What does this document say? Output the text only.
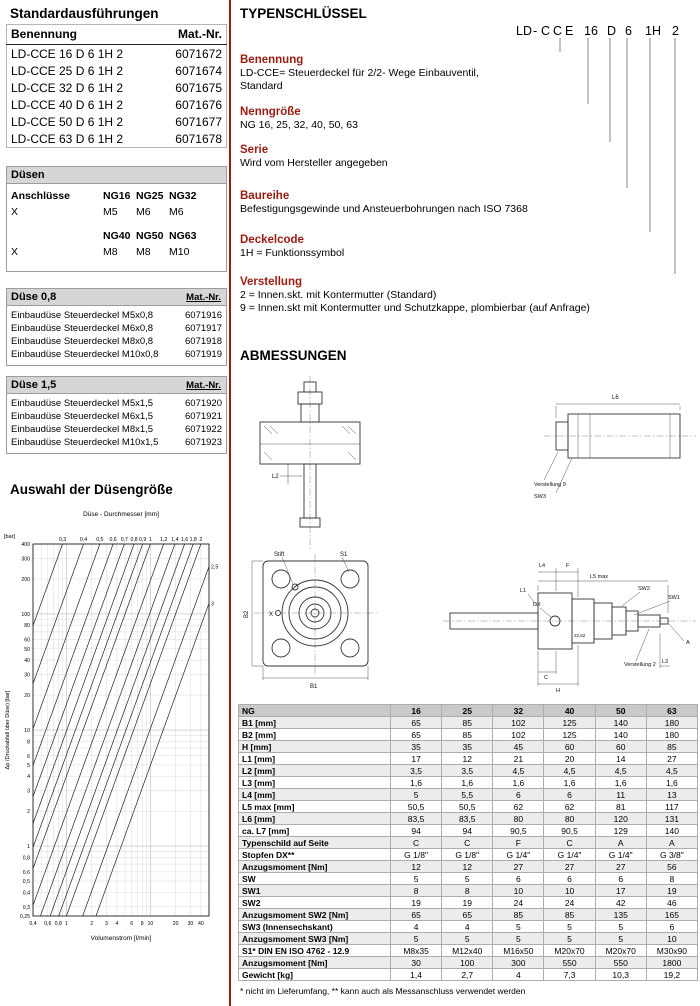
Standardausführungen
Benennung	Mat.-Nr.
LD-CCE 16 D 6 1H 2	6071672
LD-CCE 25 D 6 1H 2	6071674
LD-CCE 32 D 6 1H 2	6071675
LD-CCE 40 D 6 1H 2	6071676
LD-CCE 50 D 6 1H 2	6071677
LD-CCE 63 D 6 1H 2	6071678
Düsen
Anschlüsse	NG16 NG25 NG32
X	M5 M6 M6
NG40 NG50 NG63
X	M8 M8 M10
Düse 0,8	Mat.-Nr.
Einbaudüse Steuerdeckel M5x0,8	6071916
Einbaudüse Steuerdeckel M6x0,8	6071917
Einbaudüse Steuerdeckel M8x0,8	6071918
Einbaudüse Steuerdeckel M10x0,8	6071919
Düse 1,5	Mat.-Nr.
Einbaudüse Steuerdeckel M5x1,5	6071920
Einbaudüse Steuerdeckel M6x1,5	6071921
Einbaudüse Steuerdeckel M8x1,5	6071922
Einbaudüse Steuerdeckel M10x1,5	6071923
Auswahl der Düsengröße
0,3	0,4 0,5 0,6 0,7 0,8 0,9 1 1,2 1,4 1,6 1,8 2
2,5
3
400
300
200
100
80
60
50
40
30
20
10
8
6
5
4
3
2
1
0,8
0,6
0,5
0,4
0,3
0,25
0,4 0,6 0,8 1	2 3 4 6 8 10	20 30 40
Düse - Durchmesser [mm]
[bar]
Volumenstrom [l/min]
Δp (Druckabfall über Düse) [bar]
TYPENSCHLÜSSEL
LD - C C E 16 D 6 1H 2
Benennung
LD-CCE= Steuerdeckel für 2/2- Wege Einbauventil,
Standard
Nenngröße
NG 16, 25, 32, 40, 50, 63
Serie
Wird vom Hersteller angegeben
Baureihe
Befestigungsgewinde und Ansteuerbohrungen nach ISO 7368
Deckelcode
1H = Funktionssymbol
Verstellung
2 = Innen.skt. mit Kontermutter (Standard)
9 = Innen.skt mit Kontermutter und Schutzkappe, plombierbar (auf Anfrage)
ABMESSUNGEN
L2
L6
Verstellung 9
SW3
Stift	S1
X
B2
B1
L4	F
L5 max
SW2
SW1
L1
DX
22,62
Verstellung 2
A
L3
C
H
NG	16	25	32	40	50	63
B1 [mm]	65	85	102	125	140	180
B2 [mm]	65	85	102	125	140	180
H [mm]	35	35	45	60	60	85
L1 [mm]	17	12	21	20	14	27
L2 [mm]	3,5	3,5	4,5	4,5	4,5	4,5
L3 [mm]	1,6	1,6	1,6	1,6	1,6	1,6
L4 [mm]	5	5,5	6	6	11	13
L5 max [mm]	50,5	50,5	62	62	81	117
L6 [mm]	83,5	83,5	80	80	120	131
ca. L7 [mm]	94	94	90,5	90,5	129	140
Typenschild auf Seite	C	C	F	C	A	A
Stopfen DX**	G 1/8"	G 1/8"	G 1/4"	G 1/4"	G 1/4"	G 3/8"
Anzugsmoment [Nm]	12	12	27	27	27	56
SW	5	5	6	6	6	8
SW1	8	8	10	10	17	19
SW2	19	19	24	24	42	46
Anzugsmoment SW2 [Nm]	65	65	85	85	135	165
SW3 (Innensechskant)	4	4	5	5	5	6
Anzugsmoment SW3 [Nm]	5	5	5	5	5	10
S1* DIN EN ISO 4762 - 12.9	M8x35	M12x40	M16x50	M20x70	M20x70	M30x90
Anzugsmoment [Nm]	30	100	300	550	550	1800
Gewicht [kg]	1,4	2,7	4	7,3	10,3	19,2
* nicht im Lieferumfang, ** kann auch als Messanschluss verwendet werden
